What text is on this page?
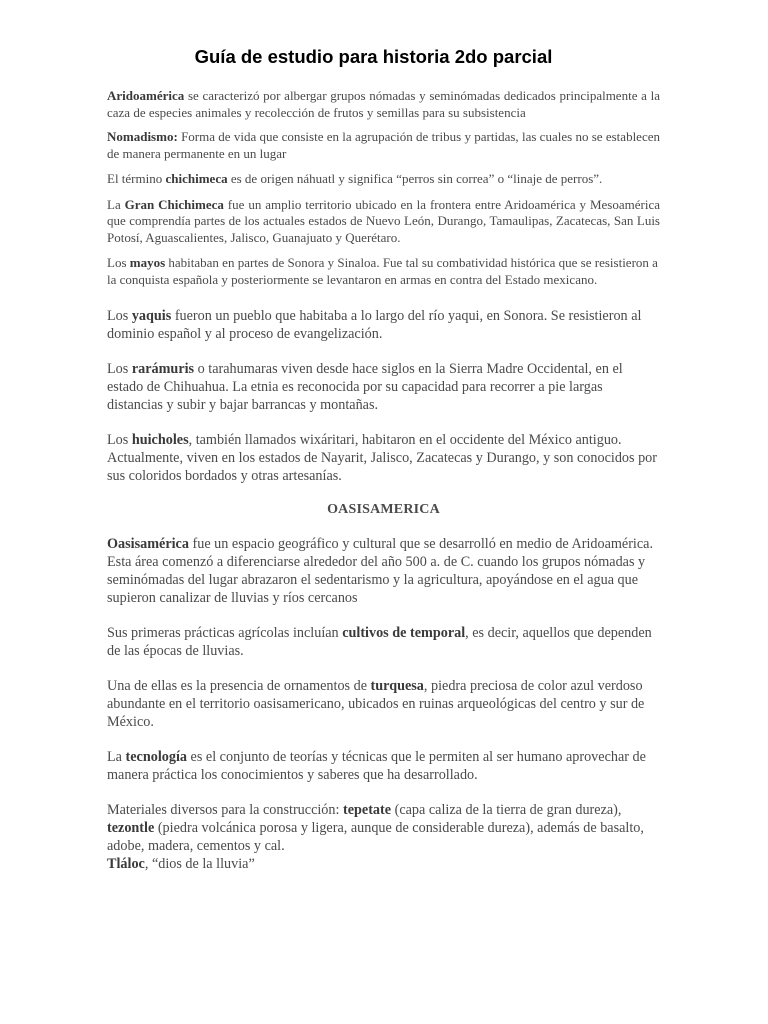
Guía de estudio para historia 2do parcial

Aridoamérica se caracterizó por albergar grupos nómadas y seminómadas dedicados principalmente a la caza de especies animales y recolección de frutos y semillas para su subsistencia

Nomadismo: Forma de vida que consiste en la agrupación de tribus y partidas, las cuales no se establecen de manera permanente en un lugar

El término chichimeca es de origen náhuatl y significa “perros sin correa” o “linaje de perros”.

La Gran Chichimeca fue un amplio territorio ubicado en la frontera entre Aridoamérica y Mesoamérica que comprendía partes de los actuales estados de Nuevo León, Durango, Tamaulipas, Zacatecas, San Luis Potosí, Aguascalientes, Jalisco, Guanajuato y Querétaro.

Los mayos habitaban en partes de Sonora y Sinaloa. Fue tal su combatividad histórica que se resistieron a la conquista española y posteriormente se levantaron en armas en contra del Estado mexicano.

Los yaquis fueron un pueblo que habitaba a lo largo del río yaqui, en Sonora. Se resistieron al dominio español y al proceso de evangelización.

Los rarámuris o tarahumaras viven desde hace siglos en la Sierra Madre Occidental, en el estado de Chihuahua. La etnia es reconocida por su capacidad para recorrer a pie largas distancias y subir y bajar barrancas y montañas.

Los huicholes, también llamados wixáritari, habitaron en el occidente del México antiguo. Actualmente, viven en los estados de Nayarit, Jalisco, Zacatecas y Durango, y son conocidos por sus coloridos bordados y otras artesanías.

OASISAMERICA

Oasisamérica fue un espacio geográfico y cultural que se desarrolló en medio de Aridoamérica. Esta área comenzó a diferenciarse alrededor del año 500 a. de C. cuando los grupos nómadas y seminómadas del lugar abrazaron el sedentarismo y la agricultura, apoyándose en el agua que supieron canalizar de lluvias y ríos cercanos

Sus primeras prácticas agrícolas incluían cultivos de temporal, es decir, aquellos que dependen de las épocas de lluvias.

Una de ellas es la presencia de ornamentos de turquesa, piedra preciosa de color azul verdoso abundante en el territorio oasisamericano, ubicados en ruinas arqueológicas del centro y sur de México.

La tecnología es el conjunto de teorías y técnicas que le permiten al ser humano aprovechar de manera práctica los conocimientos y saberes que ha desarrollado.

Materiales diversos para la construcción: tepetate (capa caliza de la tierra de gran dureza), tezontle (piedra volcánica porosa y ligera, aunque de considerable dureza), además de basalto, adobe, madera, cementos y cal.

Tláloc, “dios de la lluvia”
